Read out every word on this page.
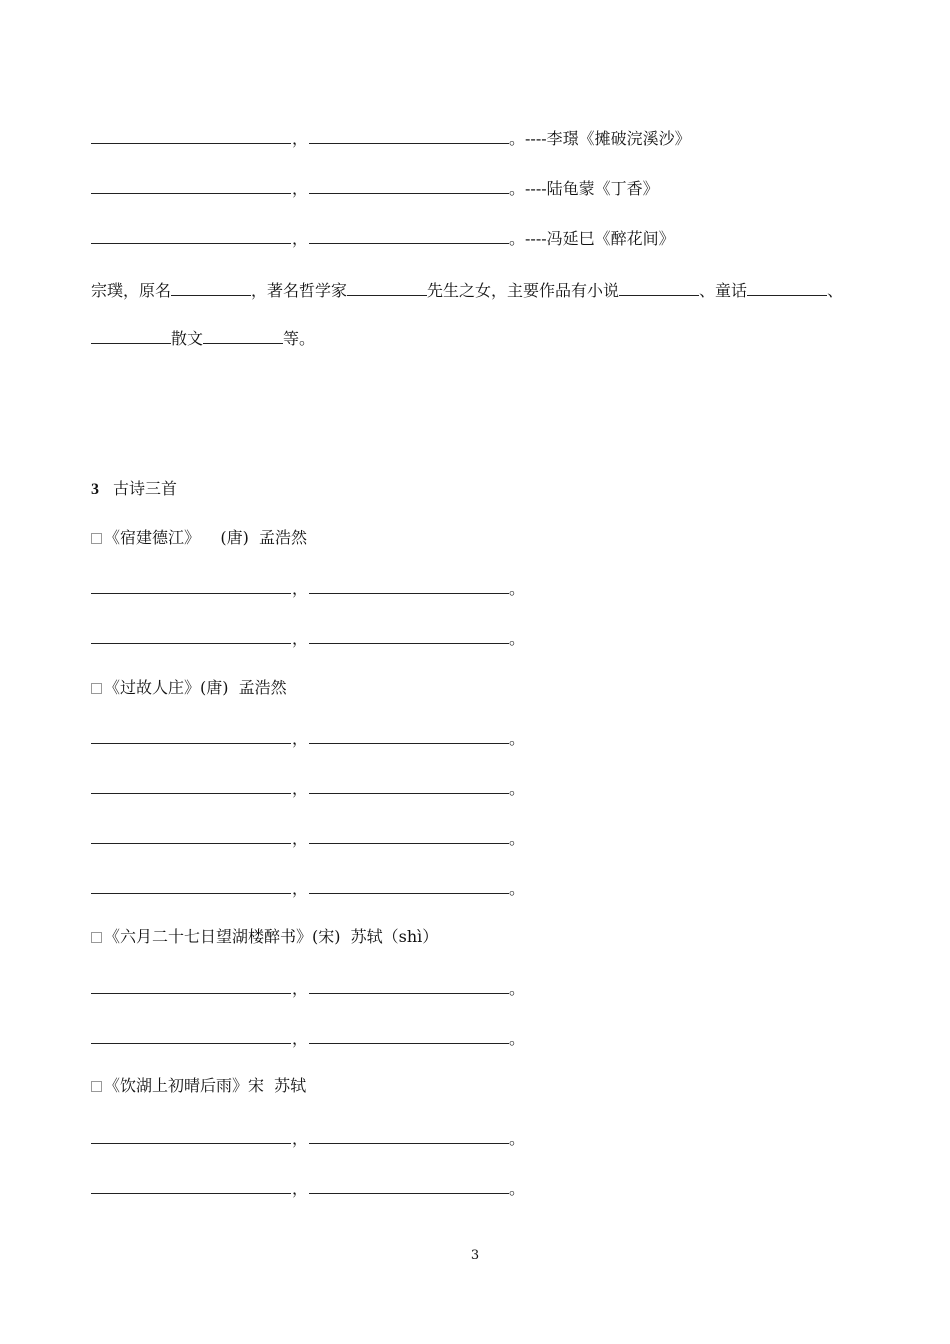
，	。----李璟《摊破浣溪沙》
，	。----陆龟蒙《丁香》
，	。----冯延巳《醉花间》
宗璞，原名	，著名哲学家	先生之女，主要作品有小说	、童话	、
散文	等。
3 古诗三首
《宿建德江》    (唐)  孟浩然
，	。
，	。
《过故人庄》(唐)  孟浩然
，	。
，	。
，	。
，	。
《六月二十七日望湖楼醉书》(宋)  苏轼（shì）
，	。
，	。
《饮湖上初晴后雨》宋  苏轼
，	。
，	。
3
